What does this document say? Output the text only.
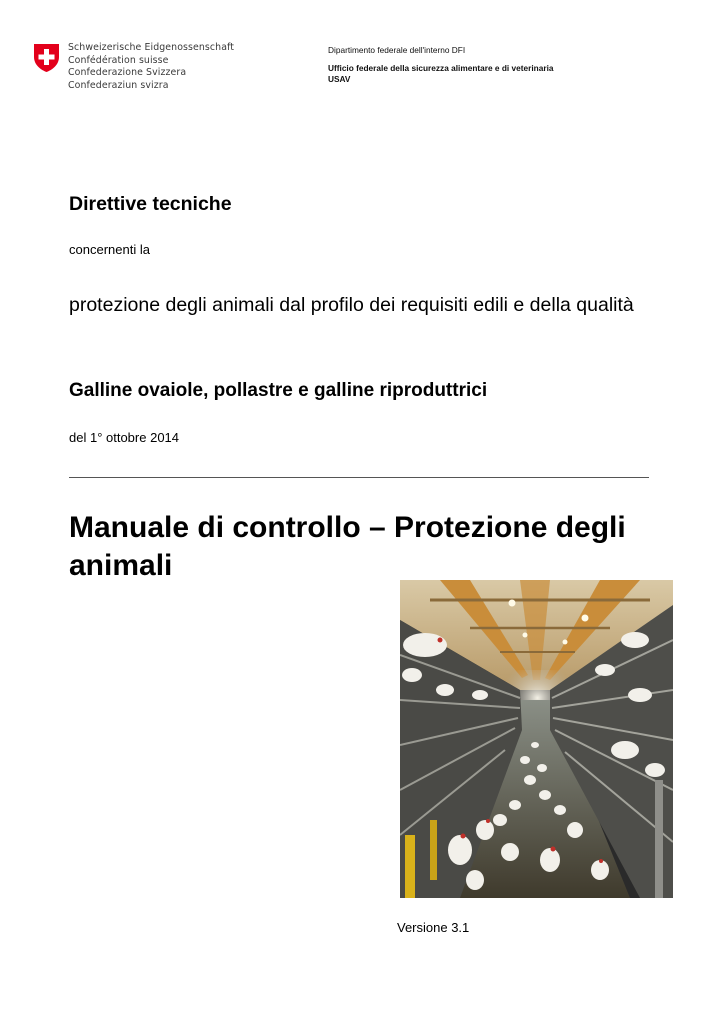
Schweizerische Eidgenossenschaft
Confédération suisse
Confederazione Svizzera
Confederaziun svizra
Dipartimento federale dell'interno DFI
Ufficio federale della sicurezza alimentare e di veterinaria USAV
Direttive tecniche
concernenti la
protezione degli animali dal profilo dei requisiti edili e della qualità
Galline ovaiole, pollastre e galline riproduttrici
del 1° ottobre 2014
Manuale di controllo – Protezione degli animali
Versione 3.1
